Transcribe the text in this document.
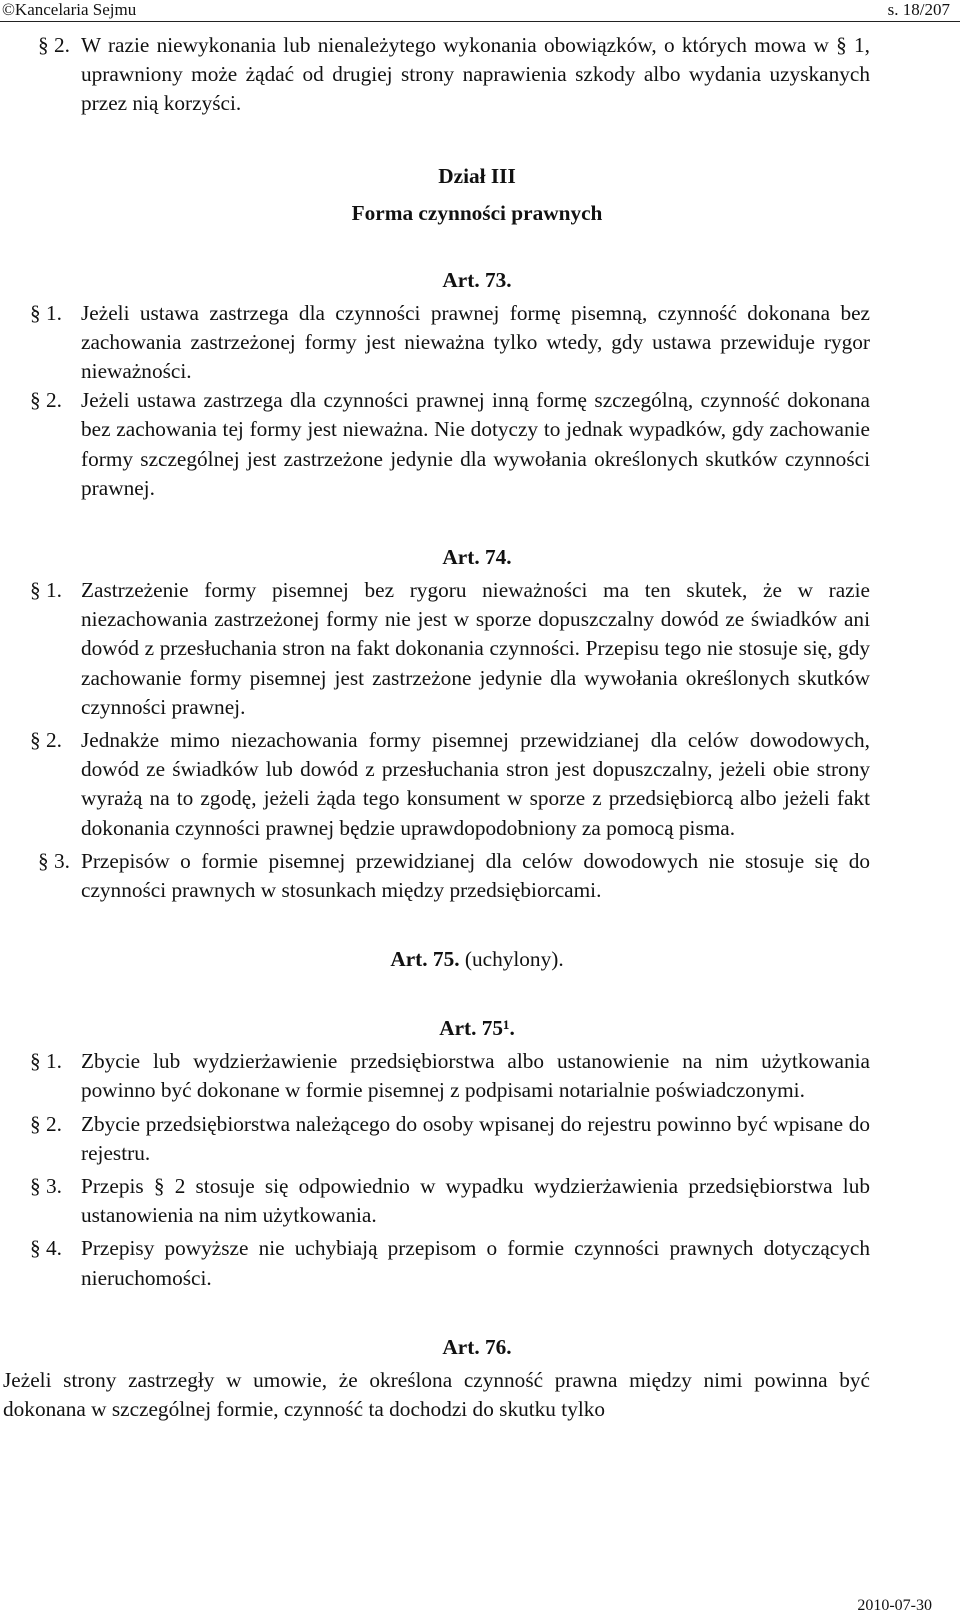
©Kancelaria Sejmu	s. 18/207
§ 2. W razie niewykonania lub nienależytego wykonania obowiązków, o których mowa w § 1, uprawniony może żądać od drugiej strony naprawienia szkody albo wydania uzyskanych przez nią korzyści.
Dział III
Forma czynności prawnych
Art. 73.
§ 1. Jeżeli ustawa zastrzega dla czynności prawnej formę pisemną, czynność dokonana bez zachowania zastrzeżonej formy jest nieważna tylko wtedy, gdy ustawa przewiduje rygor nieważności.
§ 2. Jeżeli ustawa zastrzega dla czynności prawnej inną formę szczególną, czynność dokonana bez zachowania tej formy jest nieważna. Nie dotyczy to jednak wypadków, gdy zachowanie formy szczególnej jest zastrzeżone jedynie dla wywołania określonych skutków czynności prawnej.
Art. 74.
§ 1. Zastrzeżenie formy pisemnej bez rygoru nieważności ma ten skutek, że w razie niezachowania zastrzeżonej formy nie jest w sporze dopuszczalny dowód ze świadków ani dowód z przesłuchania stron na fakt dokonania czynności. Przepisu tego nie stosuje się, gdy zachowanie formy pisemnej jest zastrzeżone jedynie dla wywołania określonych skutków czynności prawnej.
§ 2. Jednakże mimo niezachowania formy pisemnej przewidzianej dla celów dowodowych, dowód ze świadków lub dowód z przesłuchania stron jest dopuszczalny, jeżeli obie strony wyrażą na to zgodę, jeżeli żąda tego konsument w sporze z przedsiębiorcą albo jeżeli fakt dokonania czynności prawnej będzie uprawdopodobniony za pomocą pisma.
§ 3. Przepisów o formie pisemnej przewidzianej dla celów dowodowych nie stosuje się do czynności prawnych w stosunkach między przedsiębiorcami.
Art. 75. (uchylony).
Art. 75¹.
§ 1. Zbycie lub wydzierżawienie przedsiębiorstwa albo ustanowienie na nim użytkowania powinno być dokonane w formie pisemnej z podpisami notarialnie poświadczonymi.
§ 2. Zbycie przedsiębiorstwa należącego do osoby wpisanej do rejestru powinno być wpisane do rejestru.
§ 3. Przepis § 2 stosuje się odpowiednio w wypadku wydzierżawienia przedsiębiorstwa lub ustanowienia na nim użytkowania.
§ 4. Przepisy powyższe nie uchybiają przepisom o formie czynności prawnych dotyczących nieruchomości.
Art. 76.
Jeżeli strony zastrzegły w umowie, że określona czynność prawna między nimi powinna być dokonana w szczególnej formie, czynność ta dochodzi do skutku tylko
2010-07-30
